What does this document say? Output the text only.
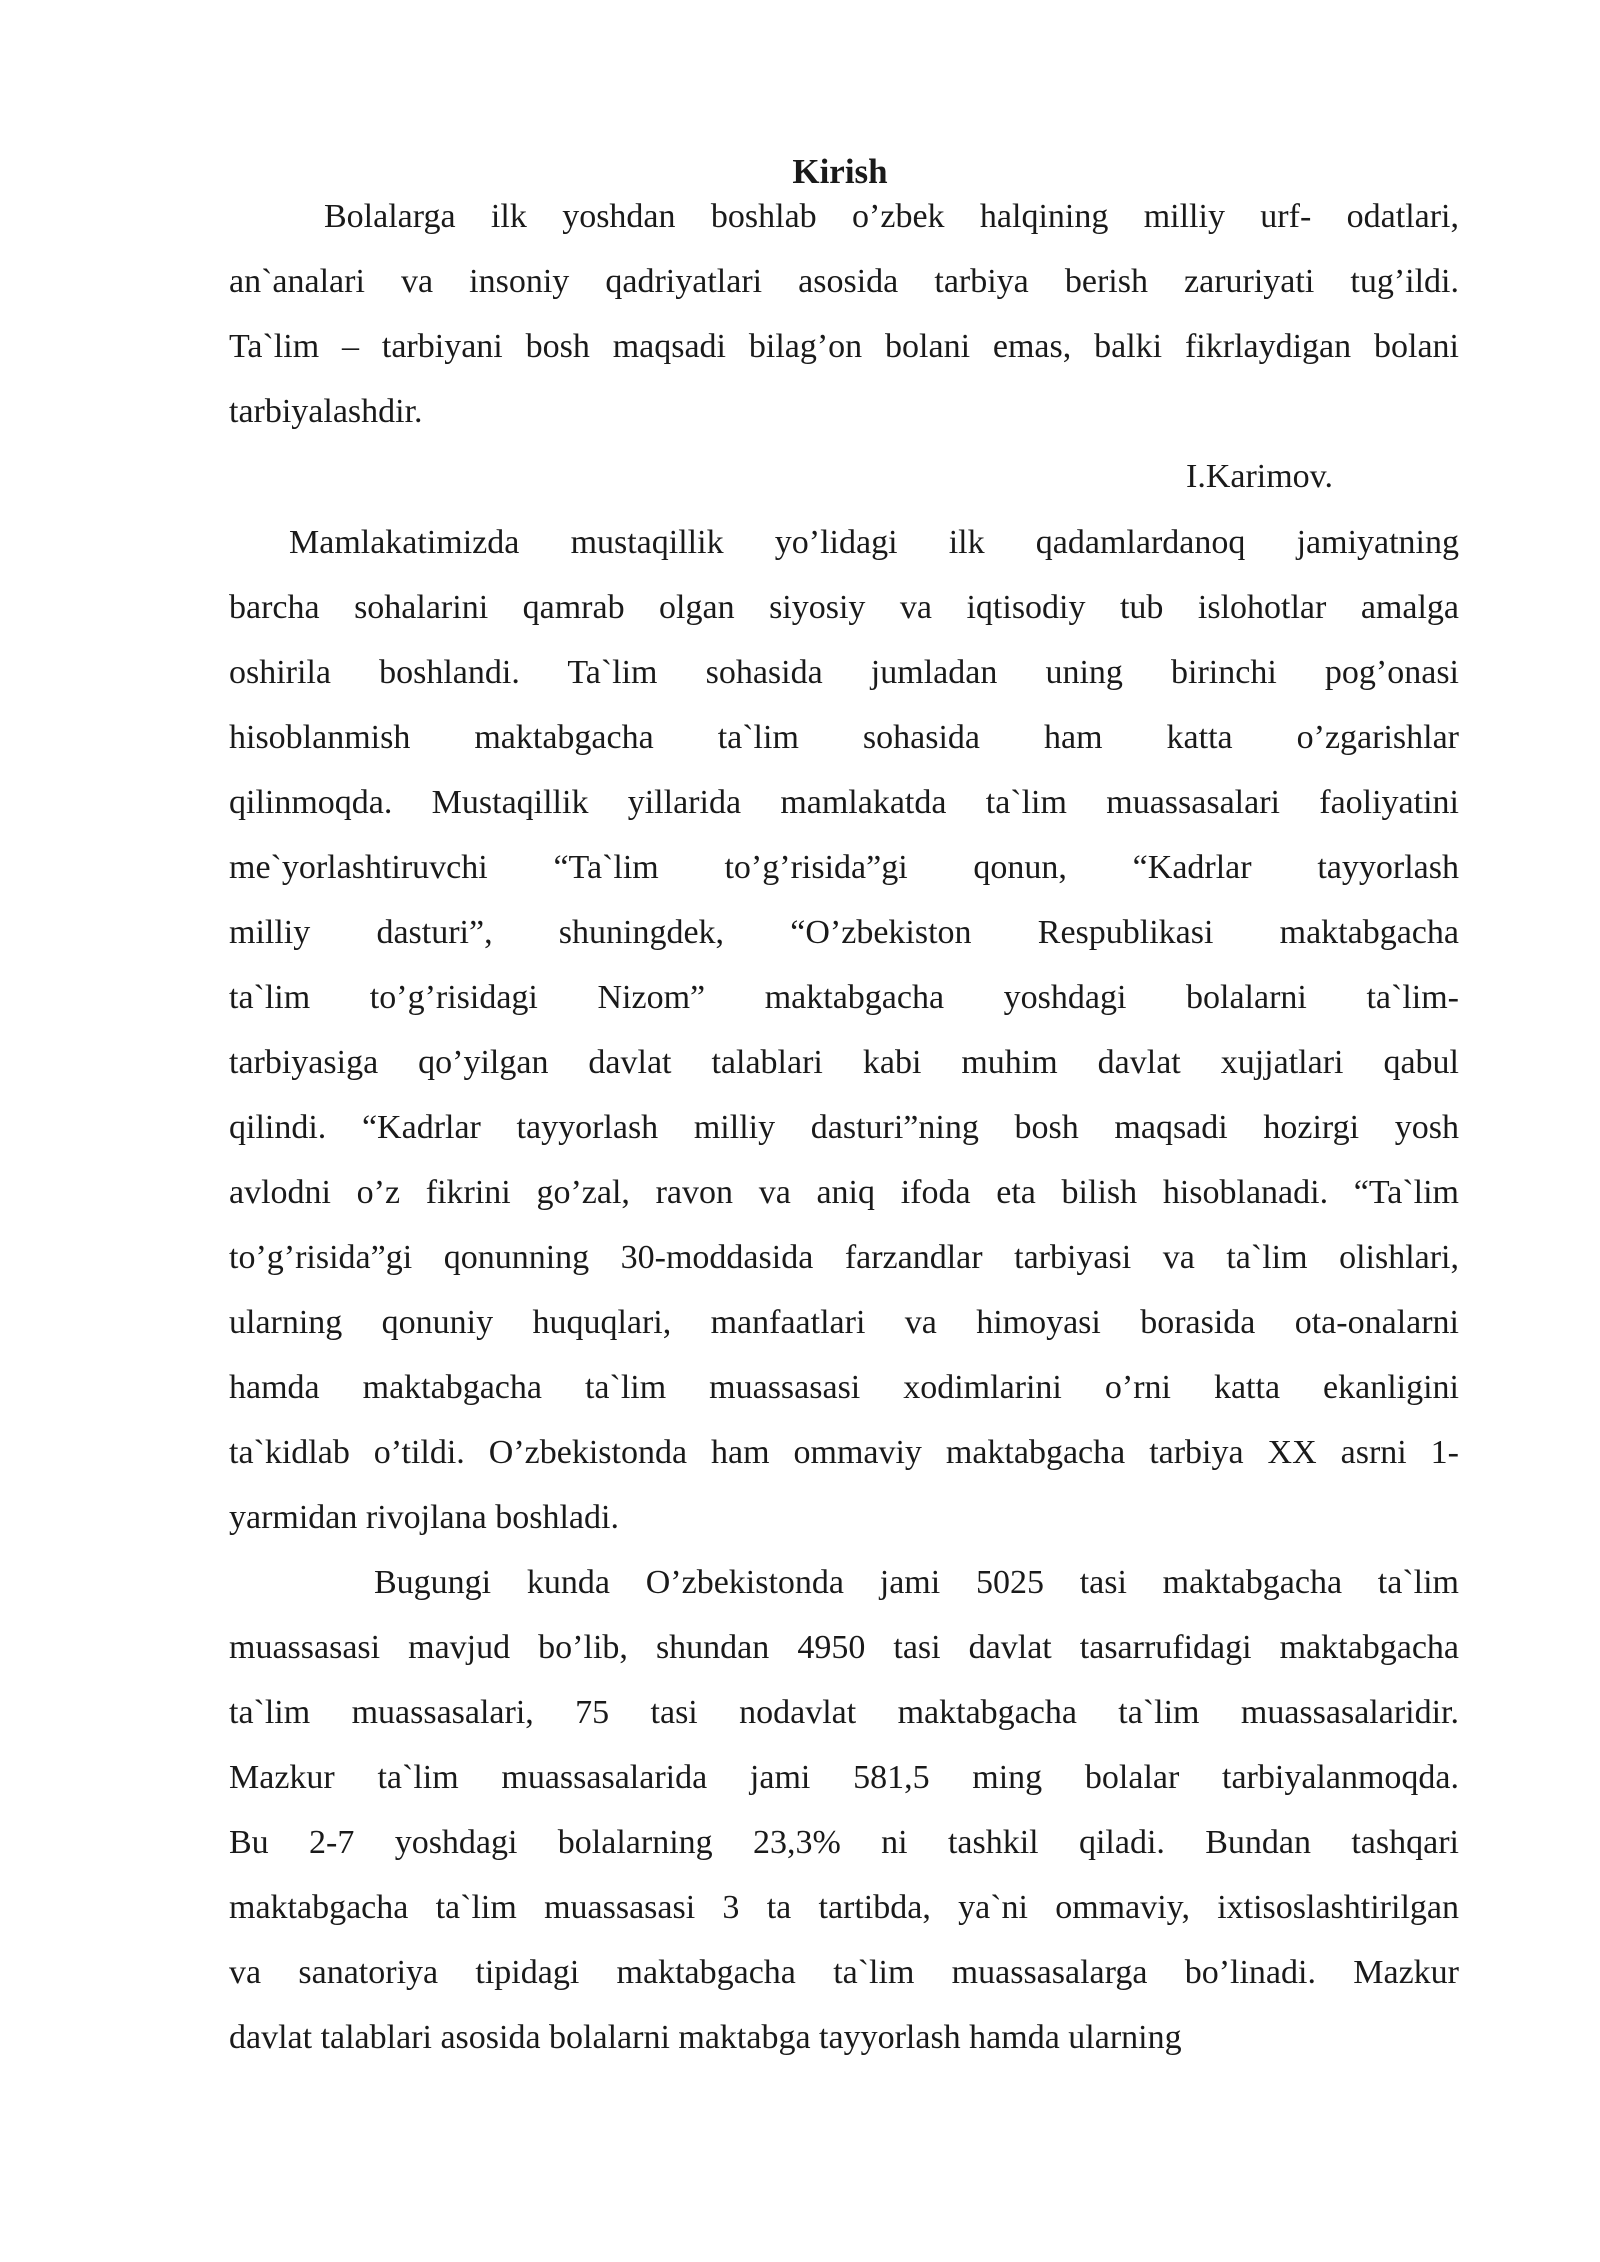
Kirish
Bolalarga ilk yoshdan boshlab o’zbek halqining milliy urf- odatlari,
an`analari va insoniy qadriyatlari asosida tarbiya berish zaruriyati tug’ildi.
Ta`lim – tarbiyani bosh maqsadi bilag’on bolani emas, balki fikrlaydigan bolani
tarbiyalashdir.
I.Karimov.
Mamlakatimizda mustaqillik yo’lidagi ilk qadamlardanoq jamiyatning
barcha sohalarini qamrab olgan siyosiy va iqtisodiy tub islohotlar amalga
oshirila boshlandi. Ta`lim sohasida jumladan uning birinchi pog’onasi
hisoblanmish maktabgacha ta`lim sohasida ham katta o’zgarishlar
qilinmoqda. Mustaqillik yillarida mamlakatda ta`lim muassasalari faoliyatini
me`yorlashtiruvchi “Ta`lim to’g’risida”gi qonun, “Kadrlar tayyorlash
milliy dasturi”, shuningdek, “O’zbekiston Respublikasi maktabgacha
ta`lim to’g’risidagi Nizom” maktabgacha yoshdagi bolalarni ta`lim-
tarbiyasiga qo’yilgan davlat talablari kabi muhim davlat xujjatlari qabul
qilindi. “Kadrlar tayyorlash milliy dasturi”ning bosh maqsadi hozirgi yosh
avlodni o’z fikrini go’zal, ravon va aniq ifoda eta bilish hisoblanadi. “Ta`lim
to’g’risida”gi qonunning 30-moddasida farzandlar tarbiyasi va ta`lim olishlari,
ularning qonuniy huquqlari, manfaatlari va himoyasi borasida ota-onalarni
hamda maktabgacha ta`lim muassasasi xodimlarini o’rni katta ekanligini
ta`kidlab o’tildi. O’zbekistonda ham ommaviy maktabgacha tarbiya XX asrni 1-
yarmidan rivojlana boshladi.
Bugungi kunda O’zbekistonda jami 5025 tasi maktabgacha ta`lim
muassasasi mavjud bo’lib, shundan 4950 tasi davlat tasarrufidagi maktabgacha
ta`lim muassasalari, 75 tasi nodavlat maktabgacha ta`lim muassasalaridir.
Mazkur ta`lim muassasalarida jami 581,5 ming bolalar tarbiyalanmoqda.
Bu 2-7 yoshdagi bolalarning 23,3% ni tashkil qiladi. Bundan tashqari
maktabgacha ta`lim muassasasi 3 ta tartibda, ya`ni ommaviy, ixtisoslashtirilgan
va sanatoriya tipidagi maktabgacha ta`lim muassasalarga bo’linadi. Mazkur
davlat talablari asosida bolalarni maktabga tayyorlash hamda ularning
